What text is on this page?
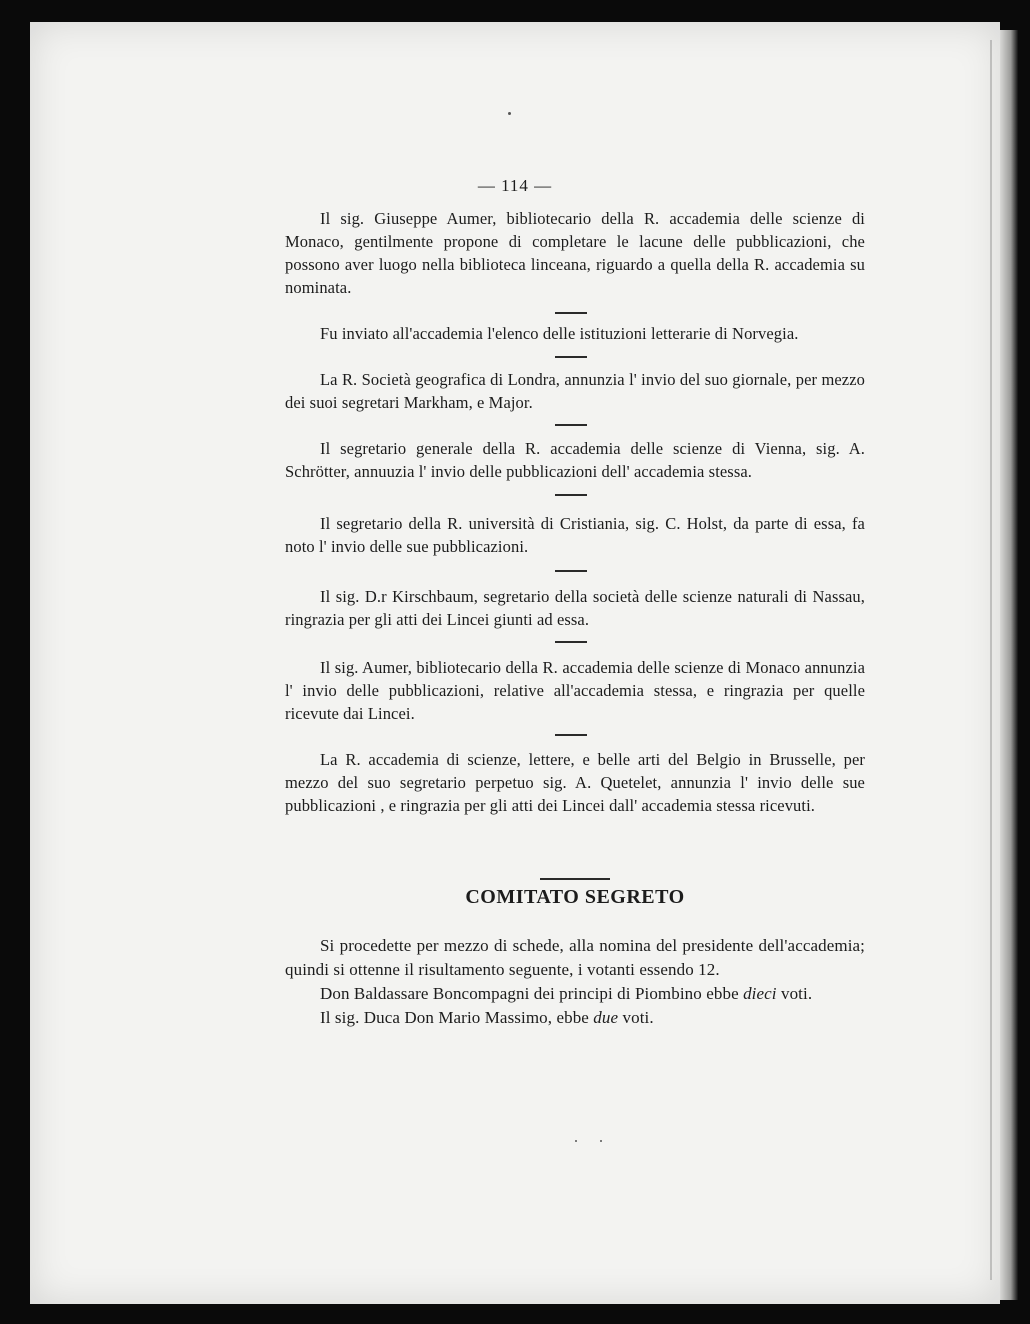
— 114 —

Il sig. Giuseppe Aumer, bibliotecario della R. accademia delle scienze di Monaco, gentilmente propone di completare le lacune delle pubblicazioni, che possono aver luogo nella biblioteca linceana, riguardo a quella della R. accademia su nominata.

Fu inviato all'accademia l'elenco delle istituzioni letterarie di Norvegia.

La R. Società geografica di Londra, annunzia l' invio del suo giornale, per mezzo dei suoi segretari Markham, e Major.

Il segretario generale della R. accademia delle scienze di Vienna, sig. A. Schrötter, annuuzia l' invio delle pubblicazioni dell' accademia stessa.

Il segretario della R. università di Cristiania, sig. C. Holst, da parte di essa, fa noto l' invio delle sue pubblicazioni.

Il sig. D.r Kirschbaum, segretario della società delle scienze naturali di Nassau, ringrazia per gli atti dei Lincei giunti ad essa.

Il sig. Aumer, bibliotecario della R. accademia delle scienze di Monaco annunzia l' invio delle pubblicazioni, relative all'accademia stessa, e ringrazia per quelle ricevute dai Lincei.

La R. accademia di scienze, lettere, e belle arti del Belgio in Brusselle, per mezzo del suo segretario perpetuo sig. A. Quetelet, annunzia l' invio delle sue pubblicazioni , e ringrazia per gli atti dei Lincei dall' accademia stessa ricevuti.

COMITATO SEGRETO

Si procedette per mezzo di schede, alla nomina del presidente dell'accademia; quindi si ottenne il risultamento seguente, i votanti essendo 12.

Don Baldassare Boncompagni dei principi di Piombino ebbe dieci voti.

Il sig. Duca Don Mario Massimo, ebbe due voti.
